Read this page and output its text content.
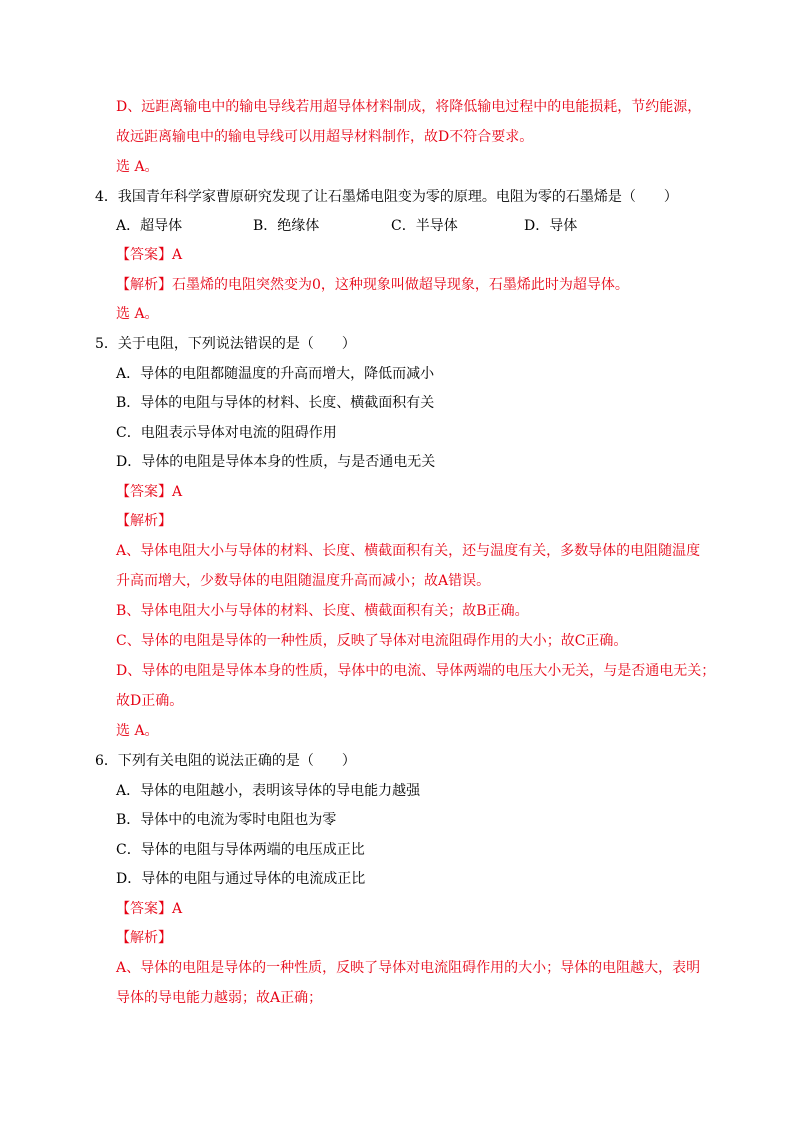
D、远距离输电中的输电导线若用超导体材料制成，将降低输电过程中的电能损耗，节约能源，
故远距离输电中的输电导线可以用超导材料制作，故D不符合要求。
选 A。
4．我国青年科学家曹原研究发现了让石墨烯电阻变为零的原理。电阻为零的石墨烯是（　　）
A．超导体	B．绝缘体	C．半导体	D．导体
【答案】A
【解析】石墨烯的电阻突然变为0，这种现象叫做超导现象，石墨烯此时为超导体。
选 A。
5．关于电阻，下列说法错误的是（　　）
A．导体的电阻都随温度的升高而增大，降低而减小
B．导体的电阻与导体的材料、长度、横截面积有关
C．电阻表示导体对电流的阻碍作用
D．导体的电阻是导体本身的性质，与是否通电无关
【答案】A
【解析】
A、导体电阻大小与导体的材料、长度、横截面积有关，还与温度有关，多数导体的电阻随温度
升高而增大，少数导体的电阻随温度升高而减小；故A错误。
B、导体电阻大小与导体的材料、长度、横截面积有关；故B正确。
C、导体的电阻是导体的一种性质，反映了导体对电流阻碍作用的大小；故C正确。
D、导体的电阻是导体本身的性质，导体中的电流、导体两端的电压大小无关，与是否通电无关；
故D正确。
选 A。
6．下列有关电阻的说法正确的是（　　）
A．导体的电阻越小，表明该导体的导电能力越强
B．导体中的电流为零时电阻也为零
C．导体的电阻与导体两端的电压成正比
D．导体的电阻与通过导体的电流成正比
【答案】A
【解析】
A、导体的电阻是导体的一种性质，反映了导体对电流阻碍作用的大小；导体的电阻越大，表明
导体的导电能力越弱；故A正确；
